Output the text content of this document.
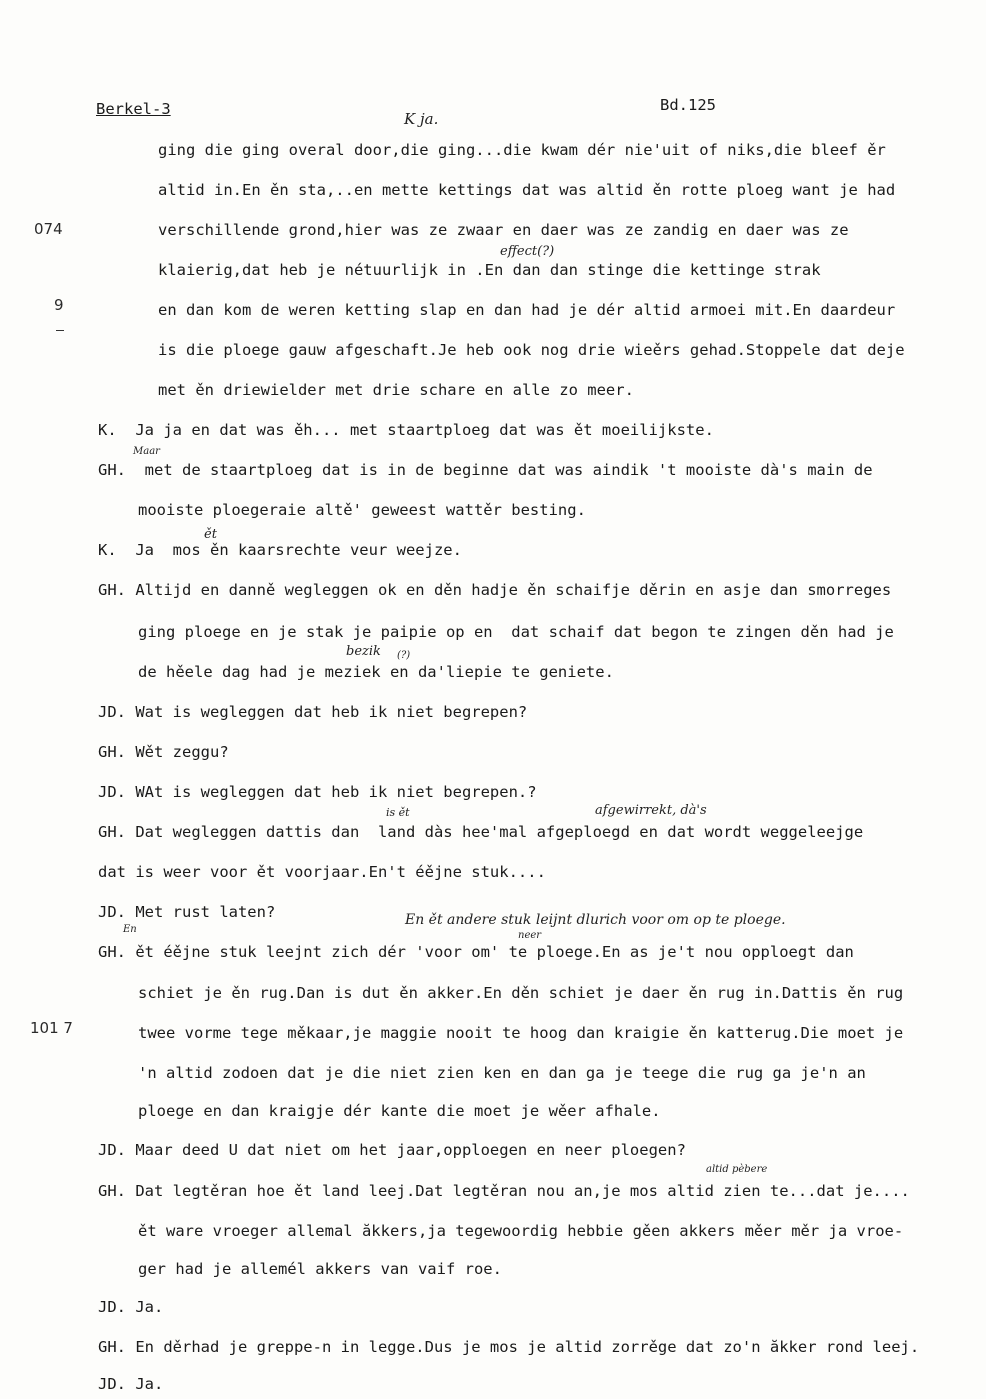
Berkel-3	Bd.125
074
9
101 7
K ja.
effect(?)
Maar
ět
bezik (?)
is ět	afgewirrekt, dà's
En ět andere stuk leijnt dlurich voor om op te ploege.
En
neer
altid pèbere
ging die ging overal door,die ging...die kwam dér nie'uit of niks,die bleef ěr
altid in.En ěn sta,..en mette kettings dat was altid ěn rotte ploeg want je had
verschillende grond,hier was ze zwaar en daer was ze zandig en daer was ze
klaierig,dat heb je nétuurlijk in .En dan dan stinge die kettinge strak
en dan kom de weren ketting slap en dan had je dér altid armoei mit.En daardeur
is die ploege gauw afgeschaft.Je heb ook nog drie wieěrs gehad.Stoppele dat deje
met ěn driewielder met drie schare en alle zo meer.
K.  Ja ja en dat was ěh... met staartploeg dat was ět moeilijkste.
GH.  met de staartploeg dat is in de beginne dat was aindik 't mooiste dà's main de
mooiste ploegeraie altě' geweest wattěr besting.
K.  Ja  mos ěn kaarsrechte veur weejze.
GH. Altijd en danně wegleggen ok en děn hadje ěn schaifje děrin en asje dan smorreges
ging ploege en je stak je paipie op en  dat schaif dat begon te zingen děn had je
de hěele dag had je meziek en da'liepie te geniete.
JD. Wat is wegleggen dat heb ik niet begrepen?
GH. Wět zeggu?
JD. WAt is wegleggen dat heb ik niet begrepen.?
GH. Dat wegleggen dattis dan  land dàs hee'mal afgeploegd en dat wordt weggeleejge
dat is weer voor ět voorjaar.En't éějne stuk....
JD. Met rust laten?
GH. ět éějne stuk leejnt zich dér 'voor om' te ploege.En as je't nou opploegt dan
schiet je ěn rug.Dan is dut ěn akker.En děn schiet je daer ěn rug in.Dattis ěn rug
twee vorme tege měkaar,je maggie nooit te hoog dan kraigie ěn katterug.Die moet je
'n altid zodoen dat je die niet zien ken en dan ga je teege die rug ga je'n an
ploege en dan kraigje dér kante die moet je wěer afhale.
JD. Maar deed U dat niet om het jaar,opploegen en neer ploegen?
GH. Dat legtěran hoe ět land leej.Dat legtěran nou an,je mos altid zien te...dat je....
ět ware vroeger allemal ăkkers,ja tegewoordig hebbie gěen akkers měer měr ja vroe-
ger had je allemél akkers van vaif roe.
JD. Ja.
GH. En děrhad je greppe-n in legge.Dus je mos je altid zorrěge dat zo'n ăkker rond leej.
JD. Ja.
